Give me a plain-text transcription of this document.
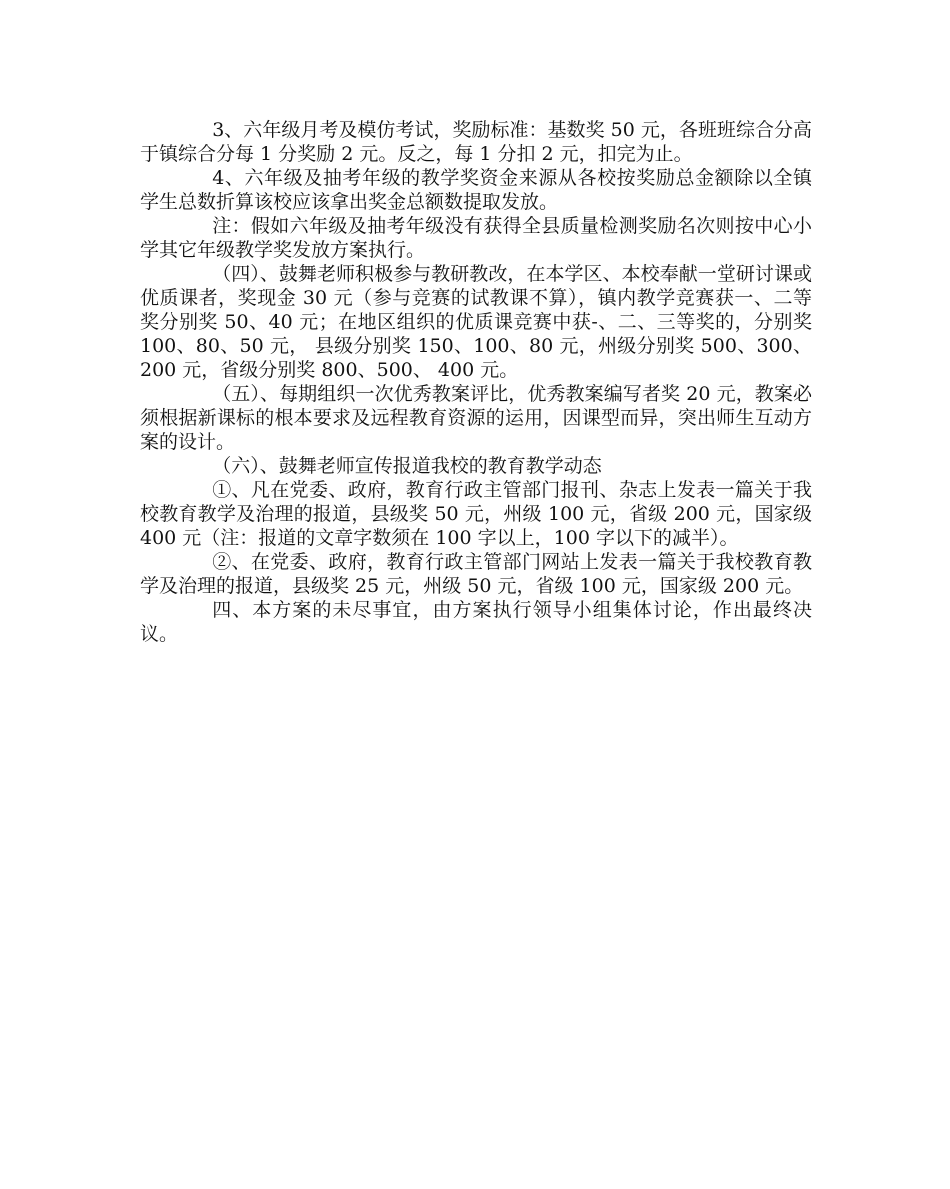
3、六年级月考及模仿考试，奖励标准：基数奖 50 元，各班班综合分高于镇综合分每 1 分奖励 2 元。反之，每 1 分扣 2 元，扣完为止。

4、六年级及抽考年级的教学奖资金来源从各校按奖励总金额除以全镇学生总数折算该校应该拿出奖金总额数提取发放。

注：假如六年级及抽考年级没有获得全县质量检测奖励名次则按中心小学其它年级教学奖发放方案执行。

（四）、鼓舞老师积极参与教研教改，在本学区、本校奉献一堂研讨课或优质课者，奖现金 30 元（参与竞赛的试教课不算），镇内教学竞赛获一、二等奖分别奖 50、40 元；在地区组织的优质课竞赛中获-、二、三等奖的，分别奖 100、80、50 元， 县级分别奖 150、100、80 元，州级分别奖 500、300、200 元，省级分别奖 800、500、 400 元。

（五）、每期组织一次优秀教案评比，优秀教案编写者奖 20 元，教案必须根据新课标的根本要求及远程教育资源的运用，因课型而异，突出师生互动方案的设计。

（六）、鼓舞老师宣传报道我校的教育教学动态

①、凡在党委、政府，教育行政主管部门报刊、杂志上发表一篇关于我校教育教学及治理的报道，县级奖 50 元，州级 100 元，省级 200 元，国家级 400 元（注：报道的文章字数须在 100 字以上，100 字以下的减半）。

②、在党委、政府，教育行政主管部门网站上发表一篇关于我校教育教学及治理的报道，县级奖 25 元，州级 50 元，省级 100 元，国家级 200 元。

四、本方案的未尽事宜，由方案执行领导小组集体讨论，作出最终决议。
